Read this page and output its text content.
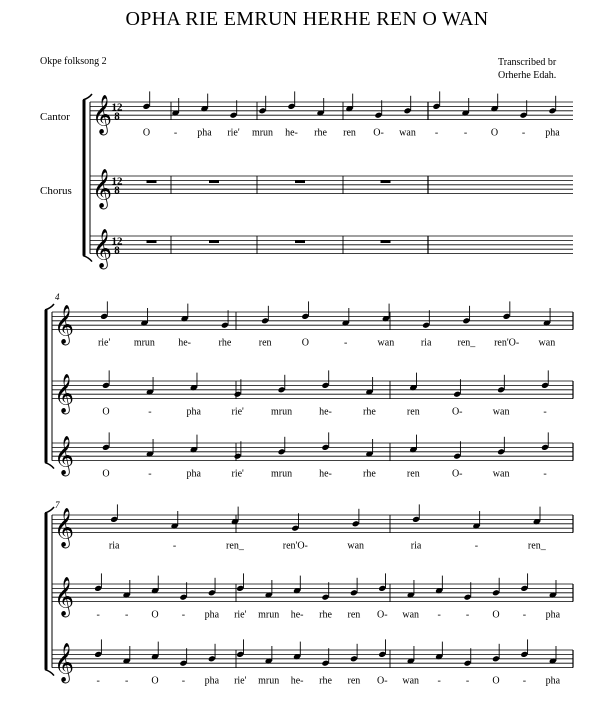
OPHA RIE EMRUN HERHE REN O WAN
Okpe folksong 2	Transcribed br
Orherhe Edah.
Cantor
Chorus
4
7
𝄞 12
8
O - pha rie' mrun he- rhe ren O- wan -	- O - pha
𝄞 12
8
𝄞 12
8
𝄞 rie' mrun he-	rhe	ren	O	-	wan	ria	ren_ ren'O- wan
𝄞	O	-	pha	rie'	mrun	he-	rhe	ren	O-	wan	-
𝄞	O	-	pha	rie'	mrun	he-	rhe	ren	O-	wan	-
𝄞	ria	-	ren_	ren'O-	wan	ria	-	ren_
𝄞 -	- O - pha rie' mrun he- rhe ren O- wan -	- O - pha
𝄞 -	- O - pha rie' mrun he- rhe ren O- wan -	- O - pha
